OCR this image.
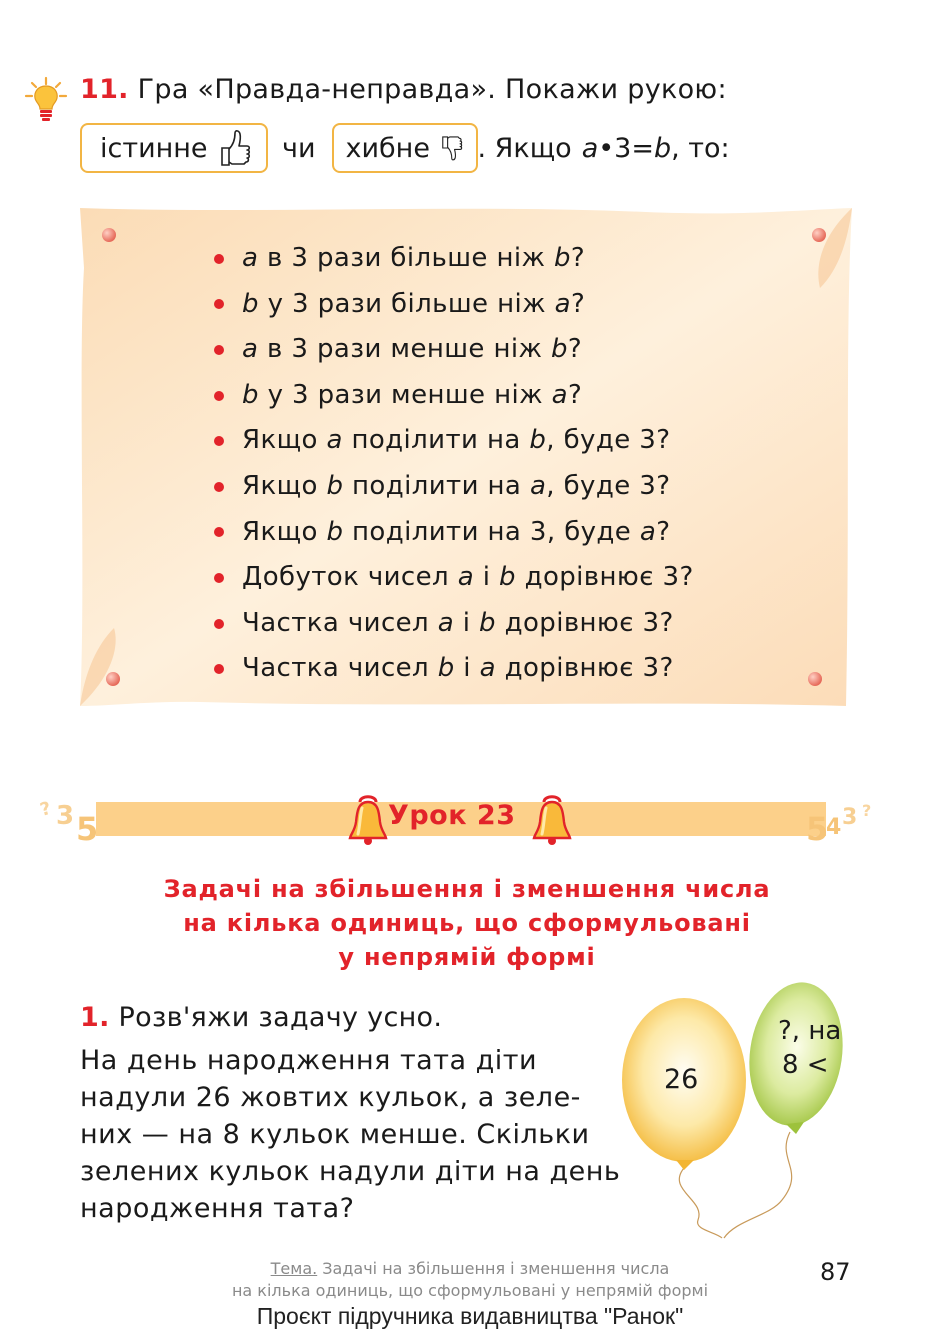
11. Гра «Правда-неправда». Покажи рукою:
істинне	чи хибне . Якщо a•3=b, то:
a в 3 рази більше ніж b?
b у 3 рази більше ніж a?
a в 3 рази менше ніж b?
b у 3 рази менше ніж a?
Якщо a поділити на b, буде 3?
Якщо b поділити на a, буде 3?
Якщо b поділити на 3, буде a?
Добуток чисел a і b дорівнює 3?
Частка чисел a і b дорівнює 3?
Частка чисел b і a дорівнює 3?
? 3 5	5
4 3 ?
Урок 23
Задачі на збільшення і зменшення числа
на кілька одиниць, що сформульовані
у непрямій формі
1. Розв'яжи задачу усно.
На день народження тата діти
надули 26 жовтих кульок, а зеле-
них — на 8 кульок менше. Скільки
зелених кульок надули діти на день
народження тата?
26
?, на
8 <
Тема. Задачі на збільшення і зменшення числа
на кілька одиниць, що сформульовані у непрямій формі
87
Проєкт підручника видавництва "Ранок"
